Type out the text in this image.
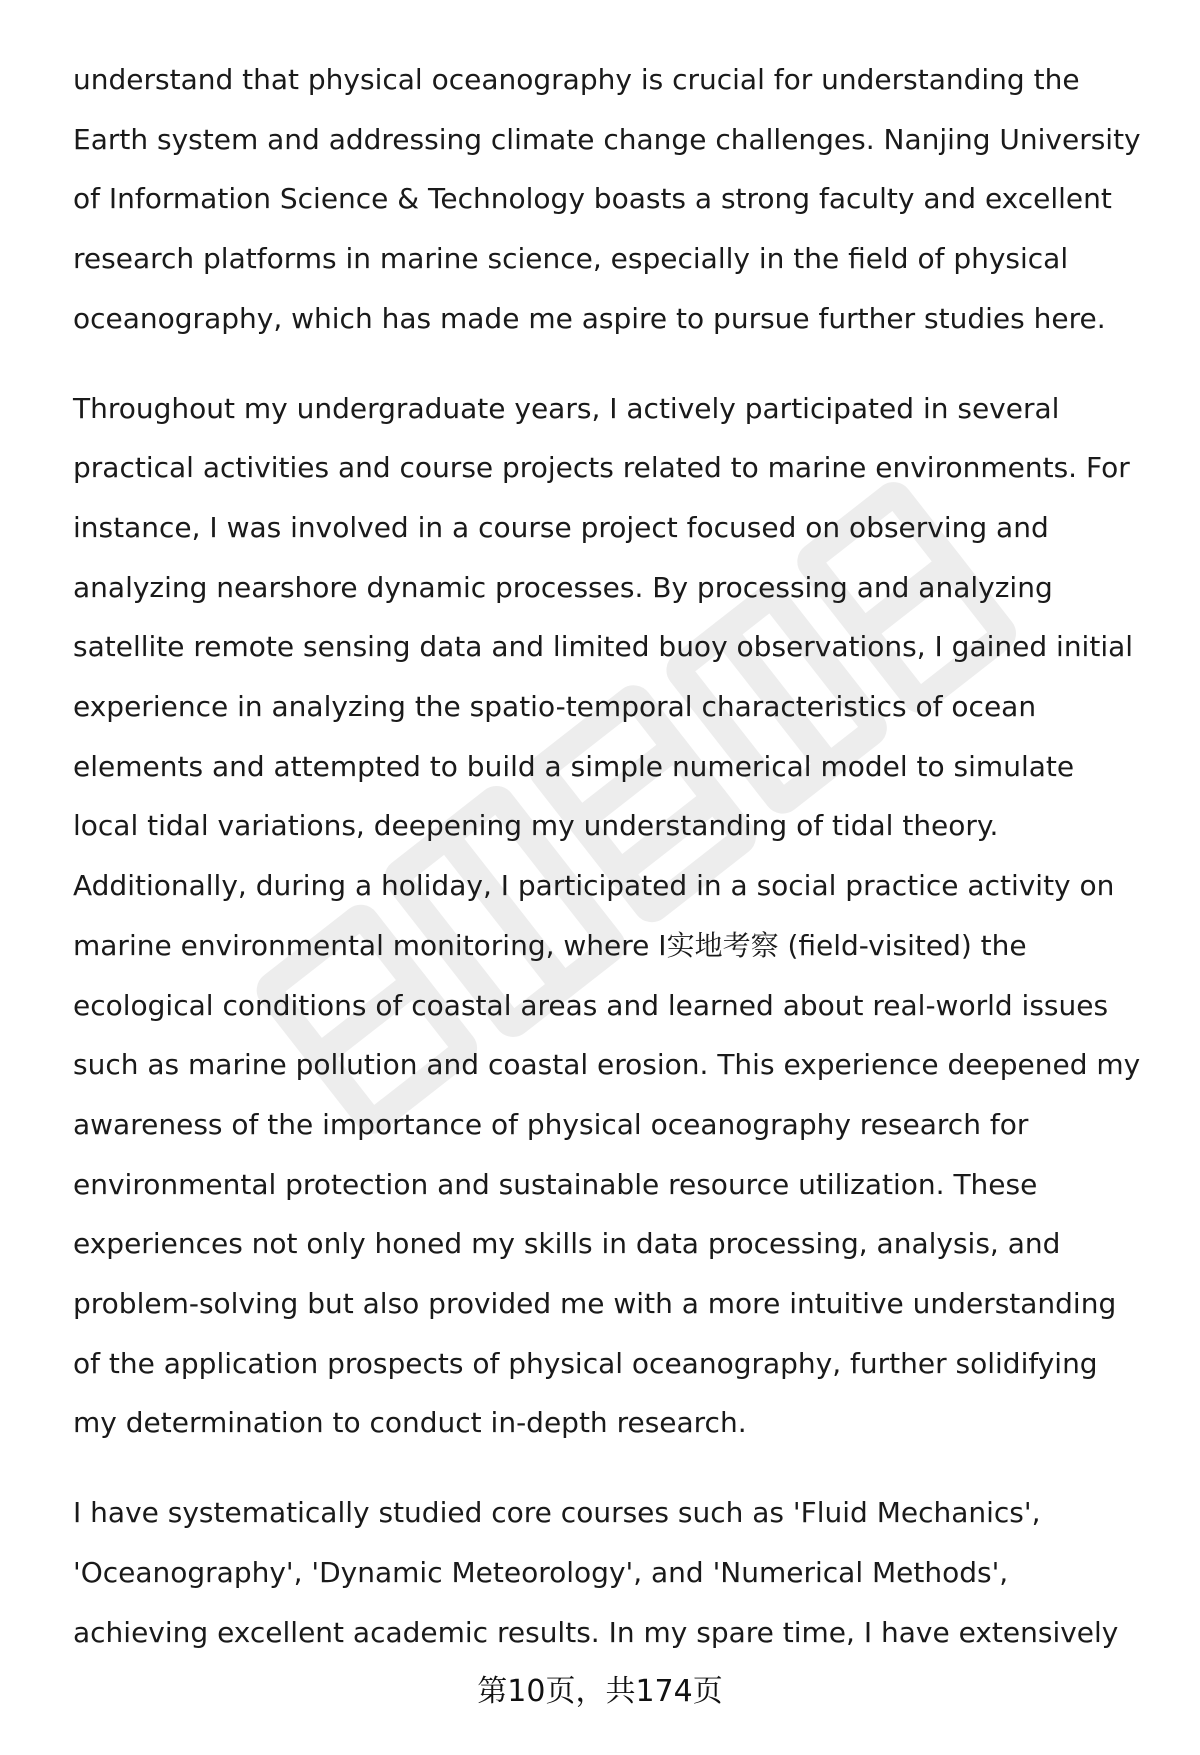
understand that physical oceanography is crucial for understanding the
Earth system and addressing climate change challenges. Nanjing University
of Information Science & Technology boasts a strong faculty and excellent
research platforms in marine science, especially in the field of physical
oceanography, which has made me aspire to pursue further studies here.

Throughout my undergraduate years, I actively participated in several
practical activities and course projects related to marine environments. For
instance, I was involved in a course project focused on observing and
analyzing nearshore dynamic processes. By processing and analyzing
satellite remote sensing data and limited buoy observations, I gained initial
experience in analyzing the spatio-temporal characteristics of ocean
elements and attempted to build a simple numerical model to simulate
local tidal variations, deepening my understanding of tidal theory.
Additionally, during a holiday, I participated in a social practice activity on
marine environmental monitoring, where I实地考察 (field-visited) the
ecological conditions of coastal areas and learned about real-world issues
such as marine pollution and coastal erosion. This experience deepened my
awareness of the importance of physical oceanography research for
environmental protection and sustainable resource utilization. These
experiences not only honed my skills in data processing, analysis, and
problem-solving but also provided me with a more intuitive understanding
of the application prospects of physical oceanography, further solidifying
my determination to conduct in-depth research.

I have systematically studied core courses such as 'Fluid Mechanics',
'Oceanography', 'Dynamic Meteorology', and 'Numerical Methods',
achieving excellent academic results. In my spare time, I have extensively

第10页，共174页
